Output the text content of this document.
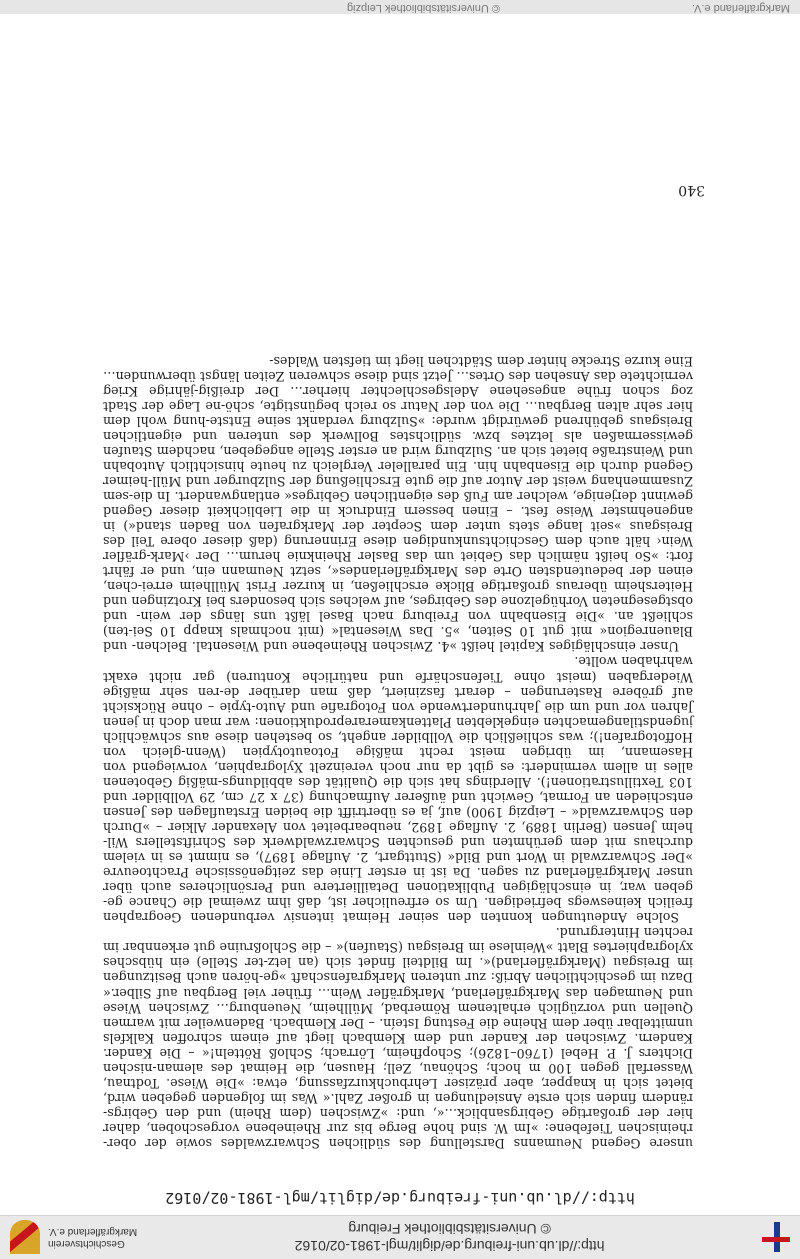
http://dl.ub.uni-freiburg.de/diglit/mgl-1981-02/0162
© Universitätsbibliothek Freiburg
Geschichtsverein
Markgräflerland e.V.
http://dl.ub.uni-freiburg.de/diglit/mgl-1981-02/0162

unsere Gegend Neumanns Darstellung des südlichen Schwarzwaldes sowie der ober-rheinischen Tiefebene: »Im W. sind hohe Berge bis zur Rheinebene vorgeschoben, daher hier der großartige Gebirgsanblick…«, und: »Zwischen (dem Rhein) und den Gebirgs-rändern finden sich erste Ansiedlungen in großer Zahl.« Was im folgenden gegeben wird, bietet sich in knapper, aber präziser Lehrbuchkurzfassung, etwa: »Die Wiese. Todtnau, Wasserfall gegen 100 m hoch; Schönau, Zell; Hausen, die Heimat des aleman-nischen Dichters J. P. Hebel (1760–1826); Schopfheim, Lörrach; Schloß Rötteln!« – Die Kander. Kandern. Zwischen der Kander und dem Klembach liegt auf einem schroffen Kalkfels unmittelbar über dem Rheine die Festung Isteín. – Der Klembach. Badenweiler mit warmen Quellen und vorzüglich erhaltenem Römerbad, Müllheim, Neuenburg… Zwischen Wiese und Neumagen das Markgräflerland, Markgräfler Wein… früher viel Bergbau auf Silber.« Dazu im geschichtlichen Abriß: zur unteren Markgrafenschaft »ge-hören auch Besitzungen im Breisgau (Markgräflerland)«. Im Bildteil findet sich (an letz-ter Stelle) ein hübsches xylographiertes Blatt »Weinlese im Breisgau (Staufen)« – die Schloßruine gut erkennbar im rechten Hintergrund.

Solche Andeutungen konnten den seiner Heimat intensiv verbundenen Geographen freilich keineswegs befriedigen. Um so erfreulicher ist, daß ihm zweimal die Chance ge-geben war, in einschlägigen Publikationen Detailliertere und Persönlicheres auch über unser Markgräflerland zu sagen. Da ist in erster Linie das zeitgenössische Prachtoeuvre »Der Schwarzwald in Wort und Bild« (Stuttgart, 2. Auflage 1897), es nimmt es in vielem durchaus mit dem gerühmten und gesuchten Schwarzwaldwerk des Schriftstellers Wil-helm Jensen (Berlin 1889, 2. Auflage 1892, neubearbeitet von Alexander Alkier – »Durch den Schwarzwald« – Leipzig 1900) auf, ja es übertrifft die beiden Erstauflagen des Jensen entschieden an Format, Gewicht und äußerer Aufmachung (37 x 27 cm, 29 Vollbilder und 103 Textillustrationen!). Allerdings hat sich die Qualität des abbildungs-mäßig Gebotenen alles in allem vermindert: es gibt da nur noch vereinzelt Xylographien, vorwiegend von Hasemann, im übrigen meist recht mäßige Fotoautotypien (Wenn-gleich von Hoffotografen!); was schließlich die Vollbilder angeht, so bestehen diese aus schwächlich jugendstilangemachten eingeklebten Plattenkamerareproduktionen: war man doch in jenen Jahren vor und um die Jahrhundertwende von Fotografie und Auto-typie – ohne Rücksicht auf gröbere Rasterungen – derart fasziniert, daß man darüber de-ren sehr mäßige Wiedergaben (meist ohne Tiefenschärfe und natürliche Konturen) gar nicht exakt wahrhaben wollte.

Unser einschlägiges Kapitel heißt »4. Zwischen Rheinebene und Wiesental. Belchen- und Blauenregion« mit gut 10 Seiten, »5. Das Wiesental« (mit nochmals knapp 10 Sei-ten) schließt an. »Die Eisenbahn von Freiburg nach Basel läßt uns längs der wein- und obstgesegneten Vorhügelzone des Gebirges, auf welches sich besonders bei Krotzingen und Heitersheim überaus großartige Blicke erschließen, in kurzer Frist Müllheim errei-chen, einen der bedeutendsten Orte des Markgräflerlandes«, setzt Neumann ein, und er fährt fort: »So heißt nämlich das Gebiet um das Basler Rheinknie herum… Der ›Mark-gräfler Wein‹ hält auch dem Geschichtsunkundigen diese Erinnerung (daß dieser obere Teil des Breisgaus »seit lange stets unter dem Scepter der Markgrafen von Baden stand«) in angenehmster Weise fest. – Einen bessern Eindruck in die Lieblichkeit dieser Gegend gewinnt derjenige, welcher am Fuß des eigentlichen Gebirges« entlangwandert. In die-sem Zusammenhang weist der Autor auf die gute Erschließung der Sulzburger und Müll-heimer Gegend durch die Eisenbahn hin. Ein paralleler Vergleich zu heute hinsichtlich Autobahn und Weinstraße bietet sich an. Sulzburg wird an erster Stelle angegeben, nachdem Staufen gewissermaßen als letztes bzw. südlichstes Bollwerk des unteren und eigentlichen Breisgaus gebührend gewürdigt wurde: »Sulzburg verdankt seine Entste-hung wohl dem hier sehr alten Bergbau… Die von der Natur so reich begünstigte, schö-ne Lage der Stadt zog schon frühe angesehene Adelsgeschlechter hierher… Der dreißig-jährige Krieg vernichtete das Ansehen des Ortes… Jetzt sind diese schweren Zeiten längst überwunden… Eine kurze Strecke hinter dem Städtchen liegt im tiefsten Waldes-

340
Markgräflerland e.V.
© Universitätsbibliothek Leipzig
